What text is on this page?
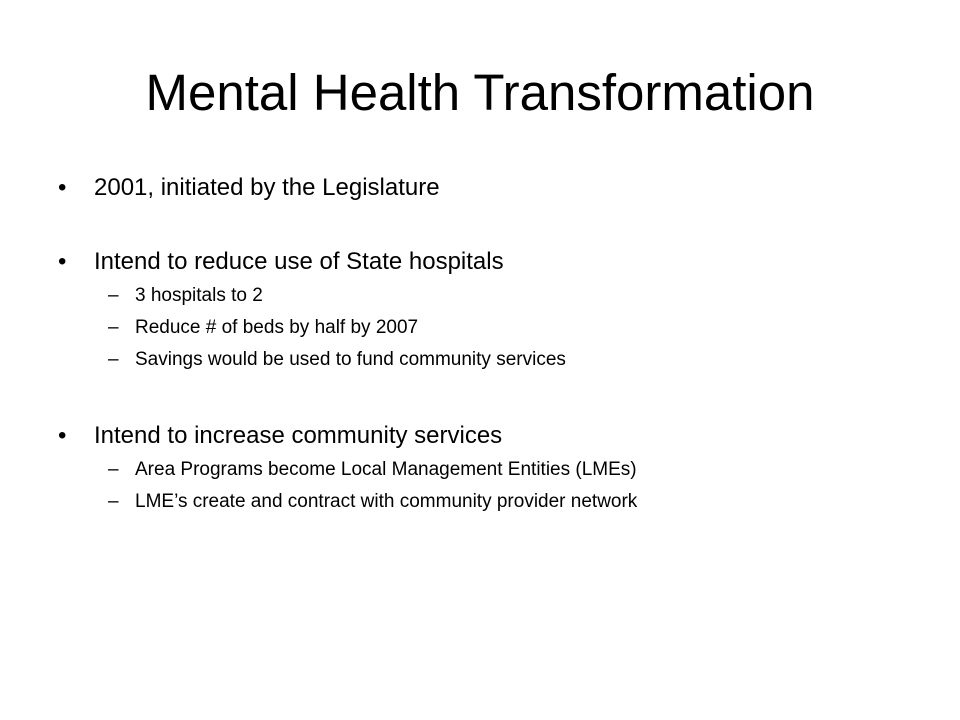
Mental Health Transformation
• 2001, initiated by the Legislature
• Intend to reduce use of State hospitals
– 3 hospitals to 2
– Reduce # of beds by half by 2007
– Savings would be used to fund community services
• Intend to increase community services
– Area Programs become Local Management Entities (LMEs)
– LME’s create and contract with community provider network
